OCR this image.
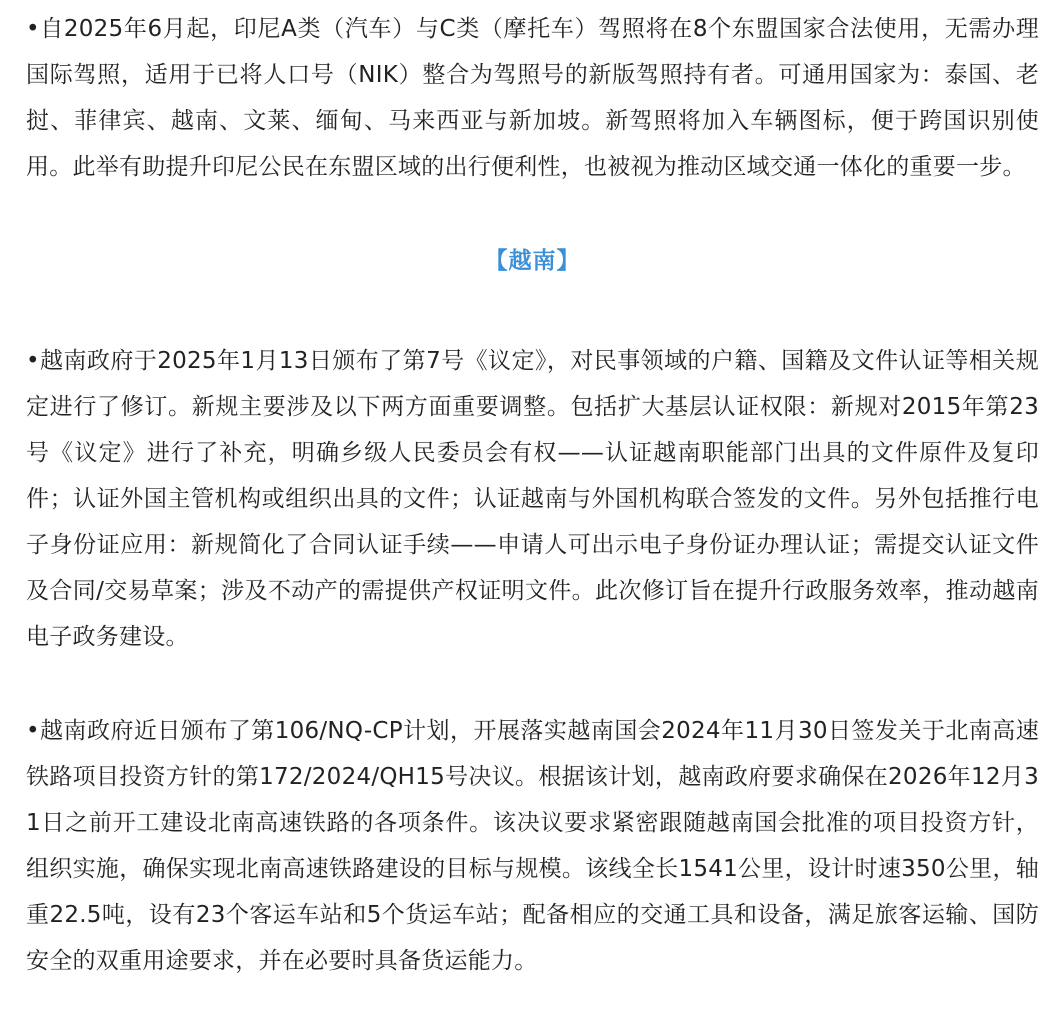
•自2025年6月起，印尼A类（汽车）与C类（摩托车）驾照将在8个东盟国家合法使用，无需办理国际驾照，适用于已将人口号（NIK）整合为驾照号的新版驾照持有者。可通用国家为：泰国、老挝、菲律宾、越南、文莱、缅甸、马来西亚与新加坡。新驾照将加入车辆图标，便于跨国识别使用。此举有助提升印尼公民在东盟区域的出行便利性，也被视为推动区域交通一体化的重要一步。

【越南】

•越南政府于2025年1月13日颁布了第7号《议定》，对民事领域的户籍、国籍及文件认证等相关规定进行了修订。新规主要涉及以下两方面重要调整。包括扩大基层认证权限：新规对2015年第23号《议定》进行了补充，明确乡级人民委员会有权——认证越南职能部门出具的文件原件及复印件；认证外国主管机构或组织出具的文件；认证越南与外国机构联合签发的文件。另外包括推行电子身份证应用：新规简化了合同认证手续——申请人可出示电子身份证办理认证；需提交认证文件及合同/交易草案；涉及不动产的需提供产权证明文件。此次修订旨在提升行政服务效率，推动越南电子政务建设。

•越南政府近日颁布了第106/NQ-CP计划，开展落实越南国会2024年11月30日签发关于北南高速铁路项目投资方针的第172/2024/QH15号决议。根据该计划，越南政府要求确保在2026年12月31日之前开工建设北南高速铁路的各项条件。该决议要求紧密跟随越南国会批准的项目投资方针，组织实施，确保实现北南高速铁路建设的目标与规模。该线全长1541公里，设计时速350公里，轴重22.5吨，设有23个客运车站和5个货运车站；配备相应的交通工具和设备，满足旅客运输、国防安全的双重用途要求，并在必要时具备货运能力。
